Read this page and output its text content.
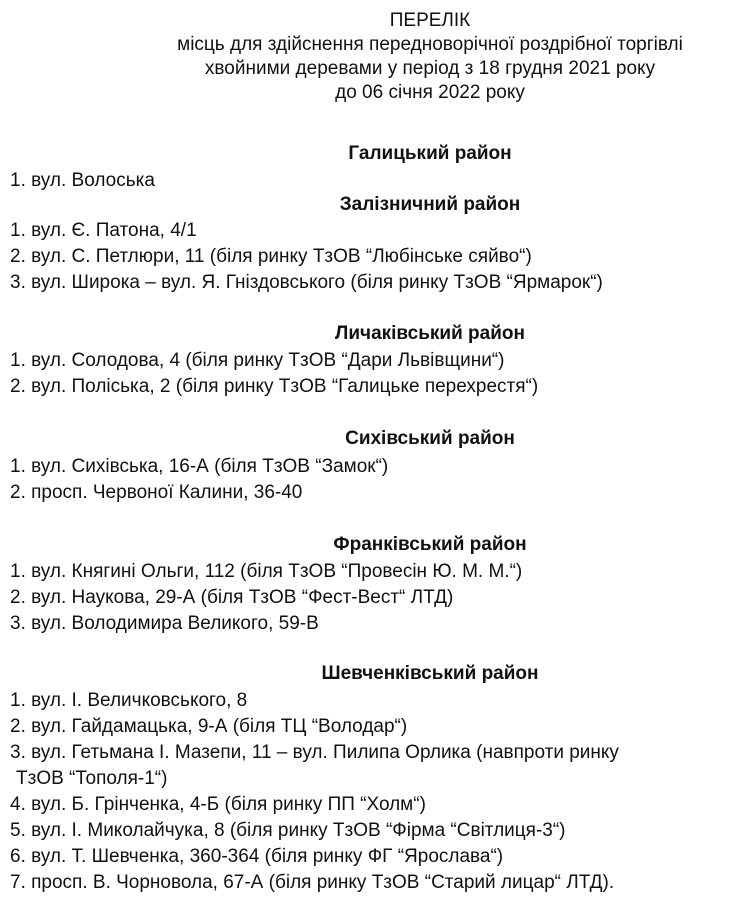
ПЕРЕЛІК
місць для здійснення передноворічної роздрібної торгівлі
хвойними деревами у період з 18 грудня 2021 року
до 06 січня 2022 року
Галицький район
1. вул. Волоська
Залізничний район
1. вул. Є. Патона, 4/1
2. вул. С. Петлюри, 11 (біля ринку ТзОВ “Любінське сяйво“)
3. вул. Широка – вул. Я. Гніздовського (біля ринку ТзОВ “Ярмарок“)
Личаківський район
1. вул. Солодова, 4 (біля ринку ТзОВ “Дари Львівщини“)
2. вул. Поліська, 2 (біля ринку ТзОВ “Галицьке перехрестя“)
Сихівський район
1. вул. Сихівська, 16-А (біля ТзОВ “Замок“)
2. просп. Червоної Калини, 36-40
Франківський район
1. вул. Княгині Ольги, 112 (біля ТзОВ “Провесін Ю. М. М.“)
2. вул. Наукова, 29-А (біля ТзОВ “Фест-Вест“ ЛТД)
3. вул. Володимира Великого, 59-В
Шевченківський район
1. вул. І. Величковського, 8
2. вул. Гайдамацька, 9-А (біля ТЦ “Володар“)
3. вул. Гетьмана І. Мазепи, 11 – вул. Пилипа Орлика (навпроти ринку
ТзОВ “Тополя-1“)
4. вул. Б. Грінченка, 4-Б (біля ринку ПП “Холм“)
5. вул. І. Миколайчука, 8 (біля ринку ТзОВ “Фірма “Світлиця-3“)
6. вул. Т. Шевченка, 360-364 (біля ринку ФГ “Ярослава“)
7. просп. В. Чорновола, 67-А (біля ринку ТзОВ “Старий лицар“ ЛТД).
